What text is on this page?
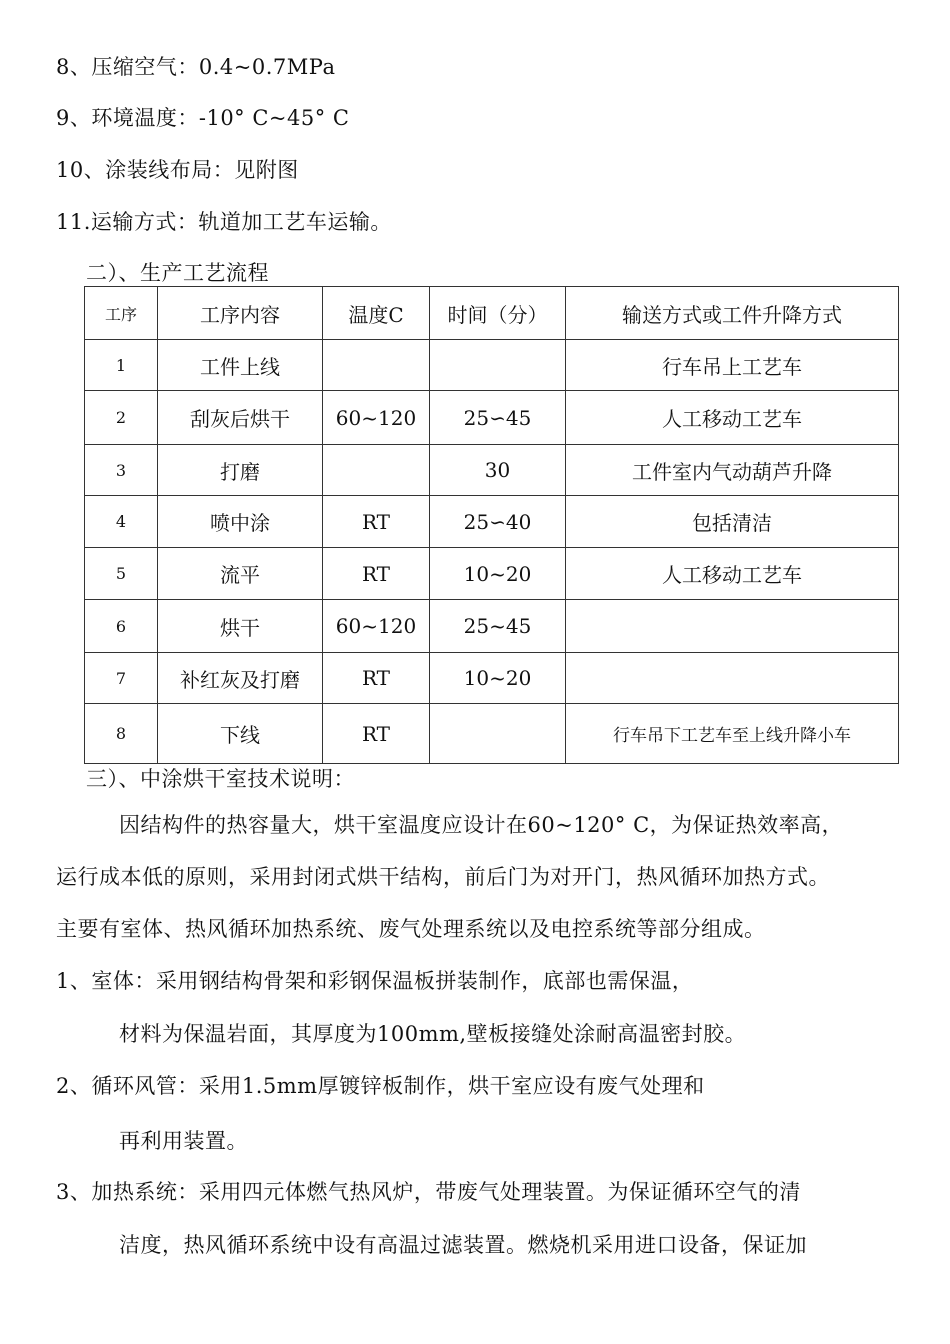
8、压缩空气：0.4~0.7MPa
9、环境温度：-10° C~45° C
10、涂装线布局：见附图
11.运输方式：轨道加工艺车运输。
二）、生产工艺流程
工序	工序内容	温度C	时间（分）	输送方式或工件升降方式
1	工件上线			行车吊上工艺车
2	刮灰后烘干	60~120	25∽45	人工移动工艺车
3	打磨		30	工件室内气动葫芦升降
4	喷中涂	RT	25∽40	包括清洁
5	流平	RT	10~20	人工移动工艺车
6	烘干	60~120	25~45	
7	补红灰及打磨	RT	10~20	
8	下线	RT		行车吊下工艺车至上线升降小车
三）、中涂烘干室技术说明：
因结构件的热容量大，烘干室温度应设计在60~120° C，为保证热效率高，
运行成本低的原则，采用封闭式烘干结构，前后门为对开门，热风循环加热方式。
主要有室体、热风循环加热系统、废气处理系统以及电控系统等部分组成。
1、室体：采用钢结构骨架和彩钢保温板拼装制作，底部也需保温，
材料为保温岩面，其厚度为100mm,壁板接缝处涂耐高温密封胶。
2、循环风管：采用1.5mm厚镀锌板制作，烘干室应设有废气处理和
再利用装置。
3、加热系统：采用四元体燃气热风炉，带废气处理装置。为保证循环空气的清
洁度，热风循环系统中设有高温过滤装置。燃烧机采用进口设备，保证加
